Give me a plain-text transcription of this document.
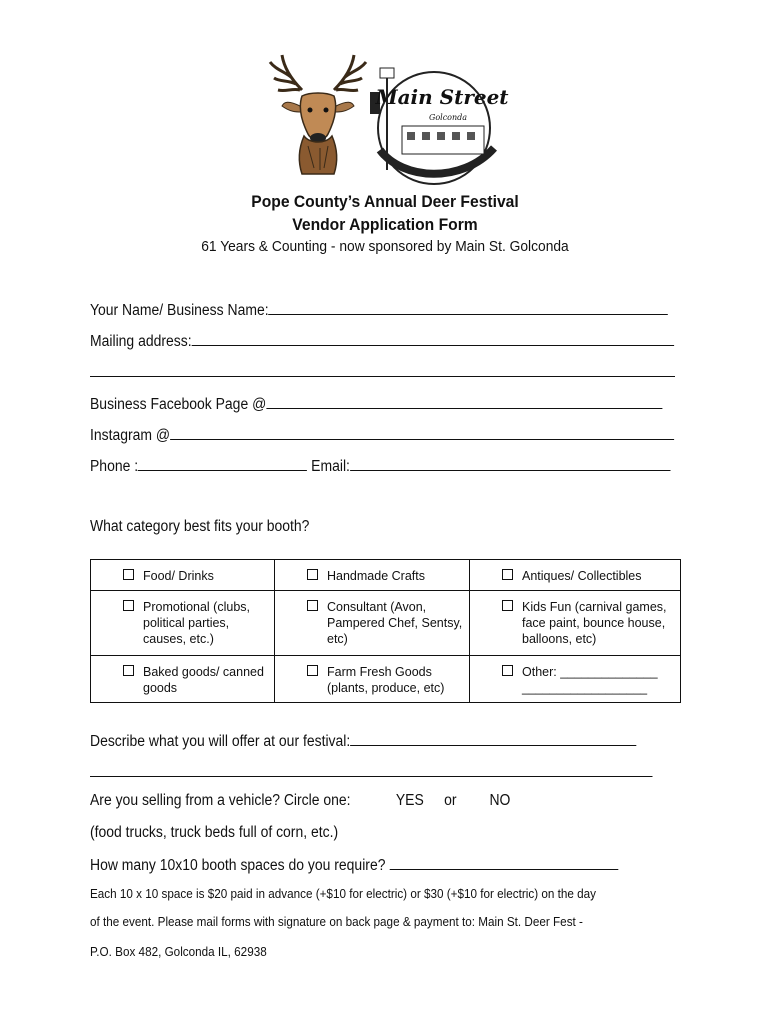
Main Street
Golconda
Pope County’s Annual Deer Festival
Vendor Application Form
61 Years & Counting - now sponsored by Main St. Golconda
Your Name/ Business Name:
Mailing address:
Business Facebook Page @
Instagram @
Phone :	Email:
What category best fits your booth?
Food/ Drinks	Handmade Crafts	Antiques/ Collectibles

Promotional (clubs, political parties, causes, etc.)	Consultant (Avon, Pampered Chef, Sentsy, etc)	Kids Fun (carnival games, face paint, bounce house, balloons, etc)

Baked goods/ canned goods	Farm Fresh Goods (plants, produce, etc)	Other: ______________ __________________
Describe what you will offer at our festival:
Are you selling from a vehicle? Circle one:	YES or NO
(food trucks, truck beds full of corn, etc.)
How many 10x10 booth spaces do you require?
Each 10 x 10 space is $20 paid in advance (+$10 for electric) or $30 (+$10 for electric) on the day
of the event. Please mail forms with signature on back page & payment to: Main St. Deer Fest -
P.O. Box 482, Golconda IL, 62938
